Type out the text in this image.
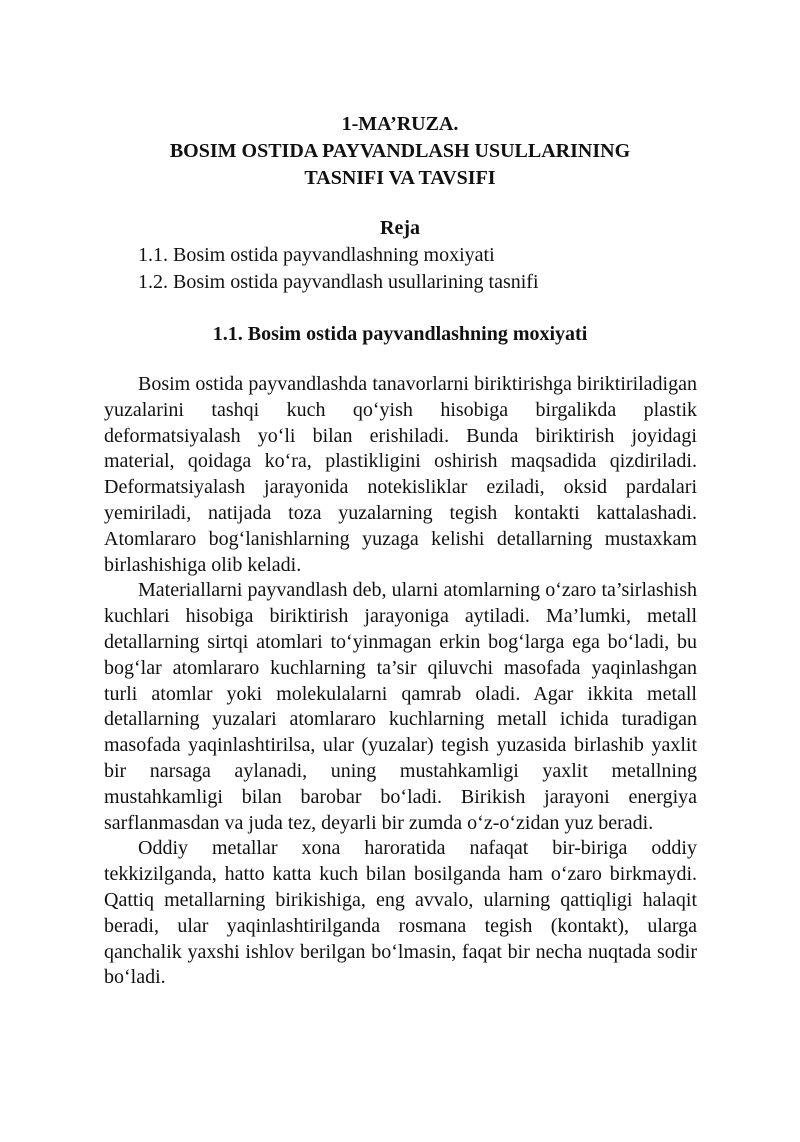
1-MA’RUZA.
BOSIM OSTIDA PAYVANDLASH USULLARINING
TASNIFI VA TAVSIFI
Reja
1.1. Bosim ostida payvandlashning moxiyati
1.2. Bosim ostida payvandlash usullarining tasnifi
1.1. Bosim ostida payvandlashning moxiyati

Bosim ostida payvandlashda tanavorlarni biriktirishga biriktiriladigan yuzalarini tashqi kuch qo‘yish hisobiga birgalikda plastik deformatsiyalash yo‘li bilan erishiladi. Bunda biriktirish joyidagi material, qoidaga ko‘ra, plastikligini oshirish maqsadida qizdiriladi. Deformatsiyalash jarayonida notekisliklar eziladi, oksid pardalari yemiriladi, natijada toza yuzalarning tegish kontakti kattalashadi. Atomlararo bog‘lanishlarning yuzaga kelishi detallarning mustaxkam birlashishiga olib keladi.

Materiallarni payvandlash deb, ularni atomlarning o‘zaro ta’sirlashish kuchlari hisobiga biriktirish jarayoniga aytiladi. Ma’lumki, metall detallarning sirtqi atomlari to‘yinmagan erkin bog‘larga ega bo‘ladi, bu bog‘lar atomlararo kuchlarning ta’sir qiluvchi masofada yaqinlashgan turli atomlar yoki molekulalarni qamrab oladi. Agar ikkita metall detallarning yuzalari atomlararo kuchlarning metall ichida turadigan masofada yaqinlashtirilsa, ular (yuzalar) tegish yuzasida birlashib yaxlit bir narsaga aylanadi, uning mustahkamligi yaxlit metallning mustahkamligi bilan barobar bo‘ladi. Birikish jarayoni energiya sarflanmasdan va juda tez, deyarli bir zumda o‘z-o‘zidan yuz beradi.

Oddiy metallar xona haroratida nafaqat bir-biriga oddiy tekkizilganda, hatto katta kuch bilan bosilganda ham o‘zaro birkmaydi. Qattiq metallarning birikishiga, eng avvalo, ularning qattiqligi halaqit beradi, ular yaqinlashtirilganda rosmana tegish (kontakt), ularga qanchalik yaxshi ishlov berilgan bo‘lmasin, faqat bir necha nuqtada sodir bo‘ladi.
